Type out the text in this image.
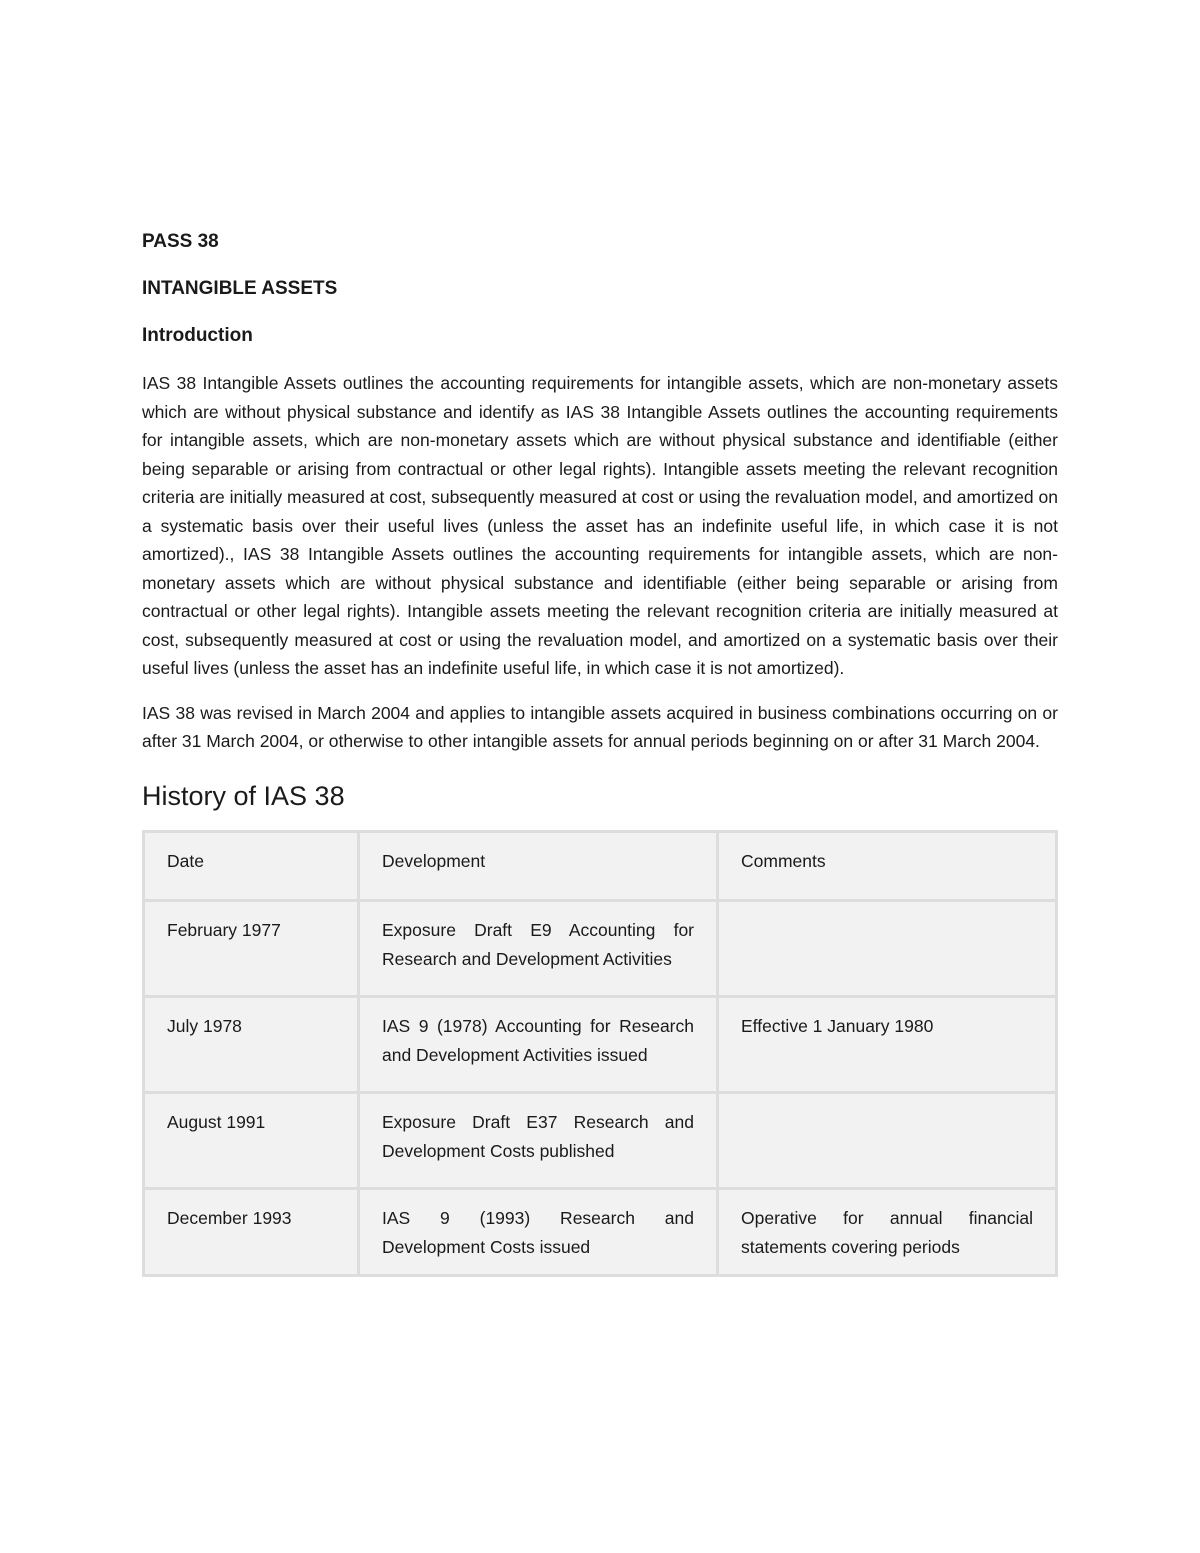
PASS 38
INTANGIBLE ASSETS
Introduction

IAS 38 Intangible Assets outlines the accounting requirements for intangible assets, which are non-monetary assets which are without physical substance and identify as IAS 38 Intangible Assets outlines the accounting requirements for intangible assets, which are non-monetary assets which are without physical substance and identifiable (either being separable or arising from contractual or other legal rights). Intangible assets meeting the relevant recognition criteria are initially measured at cost, subsequently measured at cost or using the revaluation model, and amortized on a systematic basis over their useful lives (unless the asset has an indefinite useful life, in which case it is not amortized)., IAS 38 Intangible Assets outlines the accounting requirements for intangible assets, which are non-monetary assets which are without physical substance and identifiable (either being separable or arising from contractual or other legal rights). Intangible assets meeting the relevant recognition criteria are initially measured at cost, subsequently measured at cost or using the revaluation model, and amortized on a systematic basis over their useful lives (unless the asset has an indefinite useful life, in which case it is not amortized).

IAS 38 was revised in March 2004 and applies to intangible assets acquired in business combinations occurring on or after 31 March 2004, or otherwise to other intangible assets for annual periods beginning on or after 31 March 2004.

History of IAS 38
Date	Development	Comments
February 1977	Exposure Draft E9 Accounting for Research and Development Activities	
July 1978	IAS 9 (1978) Accounting for Research and Development Activities issued	Effective 1 January 1980
August 1991	Exposure Draft E37 Research and Development Costs published	
December 1993	IAS 9 (1993) Research and Development Costs issued	Operative for annual financial statements covering periods
